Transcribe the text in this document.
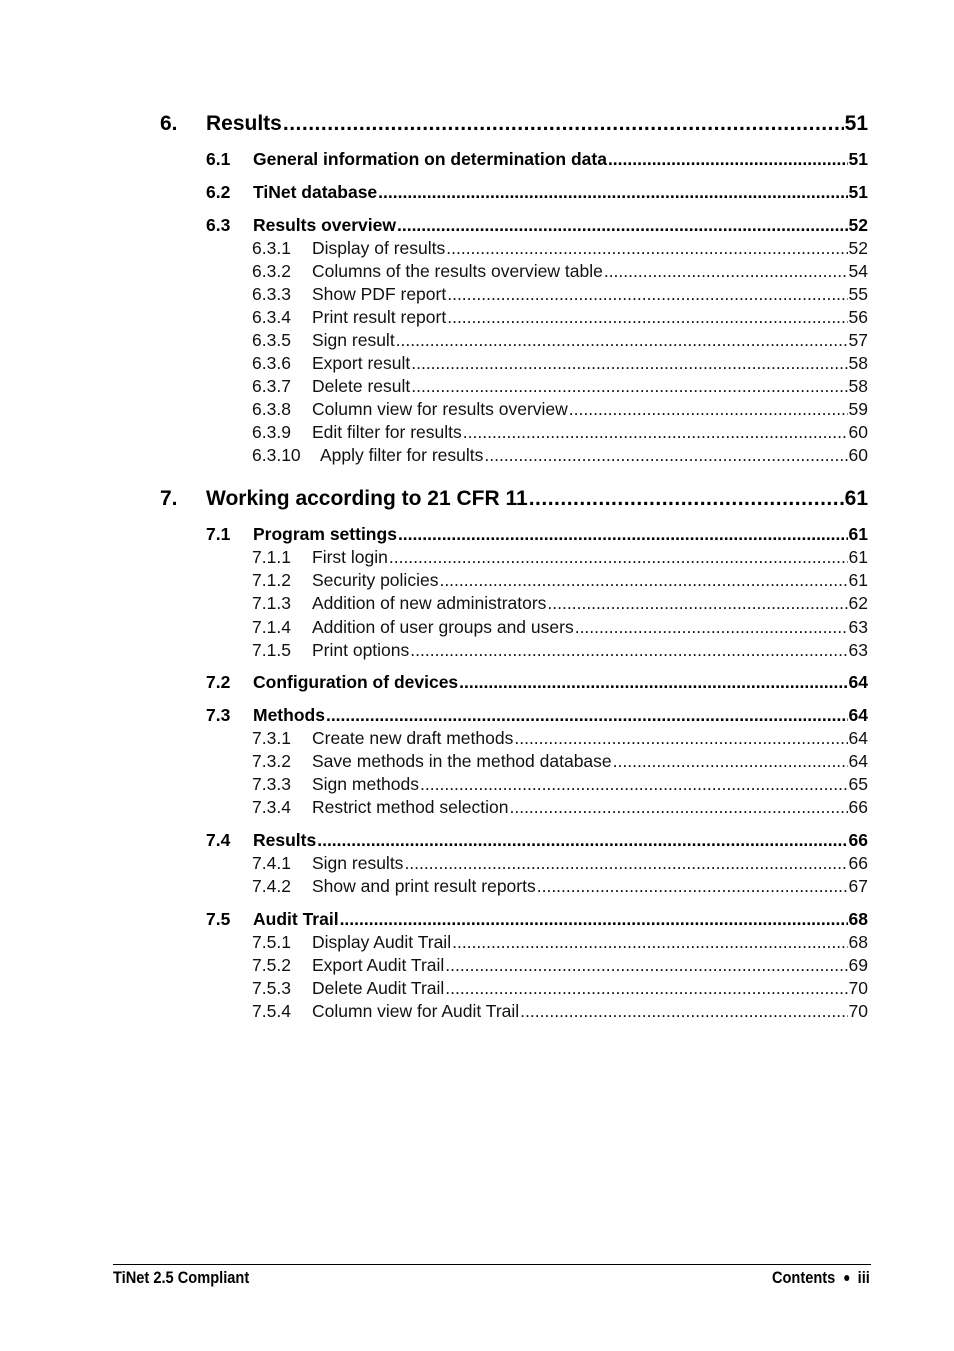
6.	Results .....	51
6.1	General information on determination data .....	51
6.2	TiNet database .....	51
6.3	Results overview .....	52
6.3.1	Display of results .....	52
6.3.2	Columns of the results overview table .....	54
6.3.3	Show PDF report .....	55
6.3.4	Print result report .....	56
6.3.5	Sign result .....	57
6.3.6	Export result .....	58
6.3.7	Delete result .....	58
6.3.8	Column view for results overview .....	59
6.3.9	Edit filter for results .....	60
6.3.10	Apply filter for results .....	60
7.	Working according to 21 CFR 11 .....	61
7.1	Program settings .....	61
7.1.1	First login .....	61
7.1.2	Security policies .....	61
7.1.3	Addition of new administrators .....	62
7.1.4	Addition of user groups and users .....	63
7.1.5	Print options .....	63
7.2	Configuration of devices .....	64
7.3	Methods .....	64
7.3.1	Create new draft methods .....	64
7.3.2	Save methods in the method database .....	64
7.3.3	Sign methods .....	65
7.3.4	Restrict method selection .....	66
7.4	Results .....	66
7.4.1	Sign results .....	66
7.4.2	Show and print result reports .....	67
7.5	Audit Trail .....	68
7.5.1	Display Audit Trail .....	68
7.5.2	Export Audit Trail .....	69
7.5.3	Delete Audit Trail .....	70
7.5.4	Column view for Audit Trail .....	70
TiNet 2.5 Compliant	Contents iii
